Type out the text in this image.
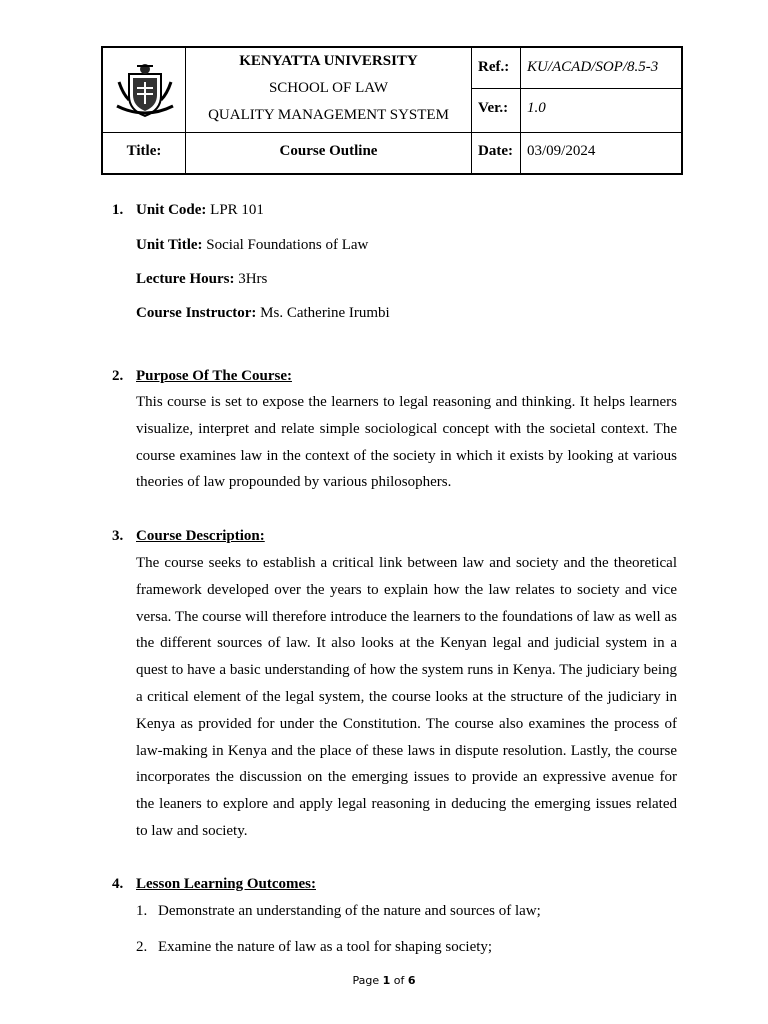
KENYATTA UNIVERSITY
SCHOOL OF LAW
QUALITY MANAGEMENT SYSTEM
Ref.: KU/ACAD/SOP/8.5-3
Ver.: 1.0
Title:	Course Outline	Date: 03/09/2024
1. Unit Code: LPR 101
Unit Title: Social Foundations of Law
Lecture Hours: 3Hrs
Course Instructor: Ms. Catherine Irumbi
2. Purpose Of The Course:
This course is set to expose the learners to legal reasoning and thinking. It helps learners visualize, interpret and relate simple sociological concept with the societal context. The course examines law in the context of the society in which it exists by looking at various theories of law propounded by various philosophers.
3. Course Description:
The course seeks to establish a critical link between law and society and the theoretical framework developed over the years to explain how the law relates to society and vice versa. The course will therefore introduce the learners to the foundations of law as well as the different sources of law. It also looks at the Kenyan legal and judicial system in a quest to have a basic understanding of how the system runs in Kenya. The judiciary being a critical element of the legal system, the course looks at the structure of the judiciary in Kenya as provided for under the Constitution. The course also examines the process of law-making in Kenya and the place of these laws in dispute resolution. Lastly, the course incorporates the discussion on the emerging issues to provide an expressive avenue for the leaners to explore and apply legal reasoning in deducing the emerging issues related to law and society.
4. Lesson Learning Outcomes:
1. Demonstrate an understanding of the nature and sources of law;
2. Examine the nature of law as a tool for shaping society;
Page 1 of 6
